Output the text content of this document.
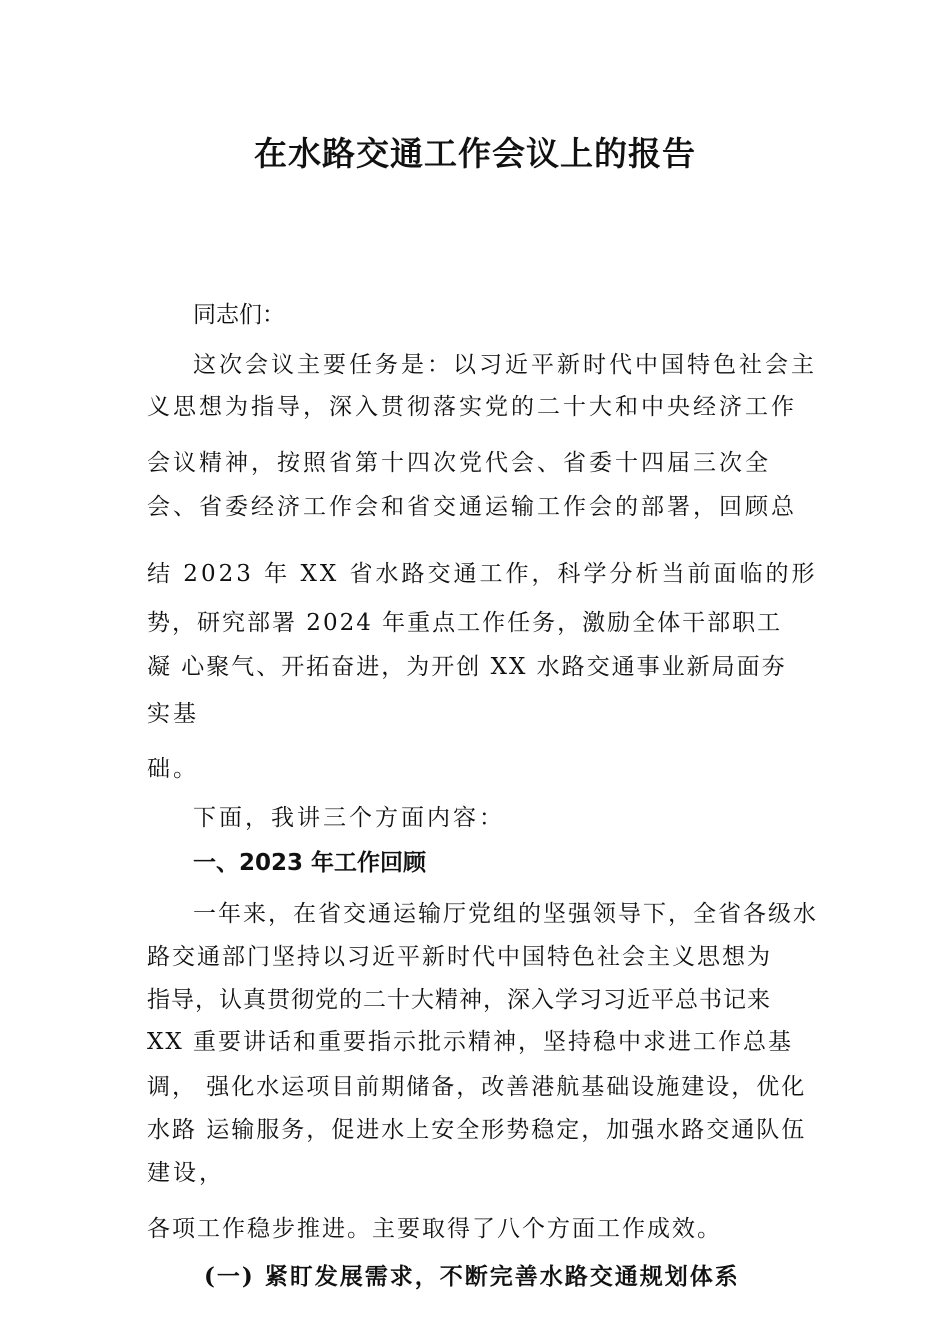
在水路交通工作会议上的报告
同志们：
这次会议主要任务是：以习近平新时代中国特色社会主
义思想为指导，深入贯彻落实党的二十大和中央经济工作
会议精神，按照省第十四次党代会、省委十四届三次全
会、省委经济工作会和省交通运输工作会的部署，回顾总
结 2023 年 XX 省水路交通工作，科学分析当前面临的形
势，研究部署 2024 年重点工作任务，激励全体干部职工
凝 心聚气、开拓奋进，为开创 XX 水路交通事业新局面夯
实基
础。
下面，我讲三个方面内容：
一、2023 年工作回顾
一年来，在省交通运输厅党组的坚强领导下，全省各级水
路交通部门坚持以习近平新时代中国特色社会主义思想为
指导，认真贯彻党的二十大精神，深入学习习近平总书记来
XX 重要讲话和重要指示批示精神，坚持稳中求进工作总基
调， 强化水运项目前期储备，改善港航基础设施建设，优化
水路 运输服务，促进水上安全形势稳定，加强水路交通队伍
建设，
各项工作稳步推进。主要取得了八个方面工作成效。
(一) 紧盯发展需求，不断完善水路交通规划体系
